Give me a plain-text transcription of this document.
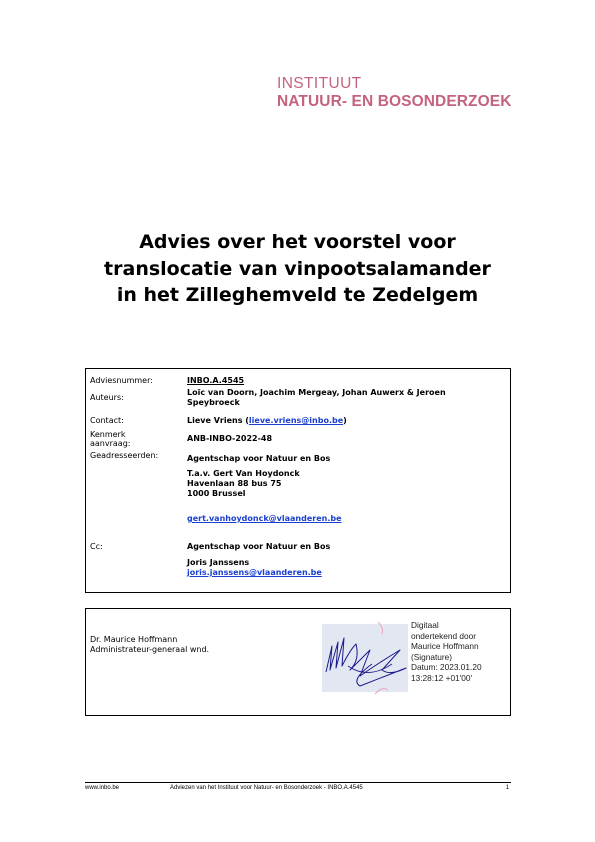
INSTITUUT
NATUUR- EN BOSONDERZOEK
Advies over het voorstel voor
translocatie van vinpootsalamander
in het Zilleghemveld te Zedelgem
Adviesnummer:	INBO.A.4545
Auteurs:
Loïc van Doorn, Joachim Mergeay, Johan Auwerx & Jeroen
Speybroeck
Contact:	Lieve Vriens (lieve.vriens@inbo.be)
Kenmerk
aanvraag:
ANB-INBO-2022-48
Geadresseerden:	Agentschap voor Natuur en Bos
T.a.v. Gert Van Hoydonck
Havenlaan 88 bus 75
1000 Brussel
gert.vanhoydonck@vlaanderen.be
Cc:	Agentschap voor Natuur en Bos
Joris Janssens
joris.janssens@vlaanderen.be
Dr. Maurice Hoffmann
Administrateur-generaal wnd.
Digitaal
ondertekend door
Maurice Hoffmann
(Signature)
Datum: 2023.01.20
13:28:12 +01'00'
www.inbo.be	Adviezen van het Instituut voor Natuur- en Bosonderzoek - INBO.A.4545	1
